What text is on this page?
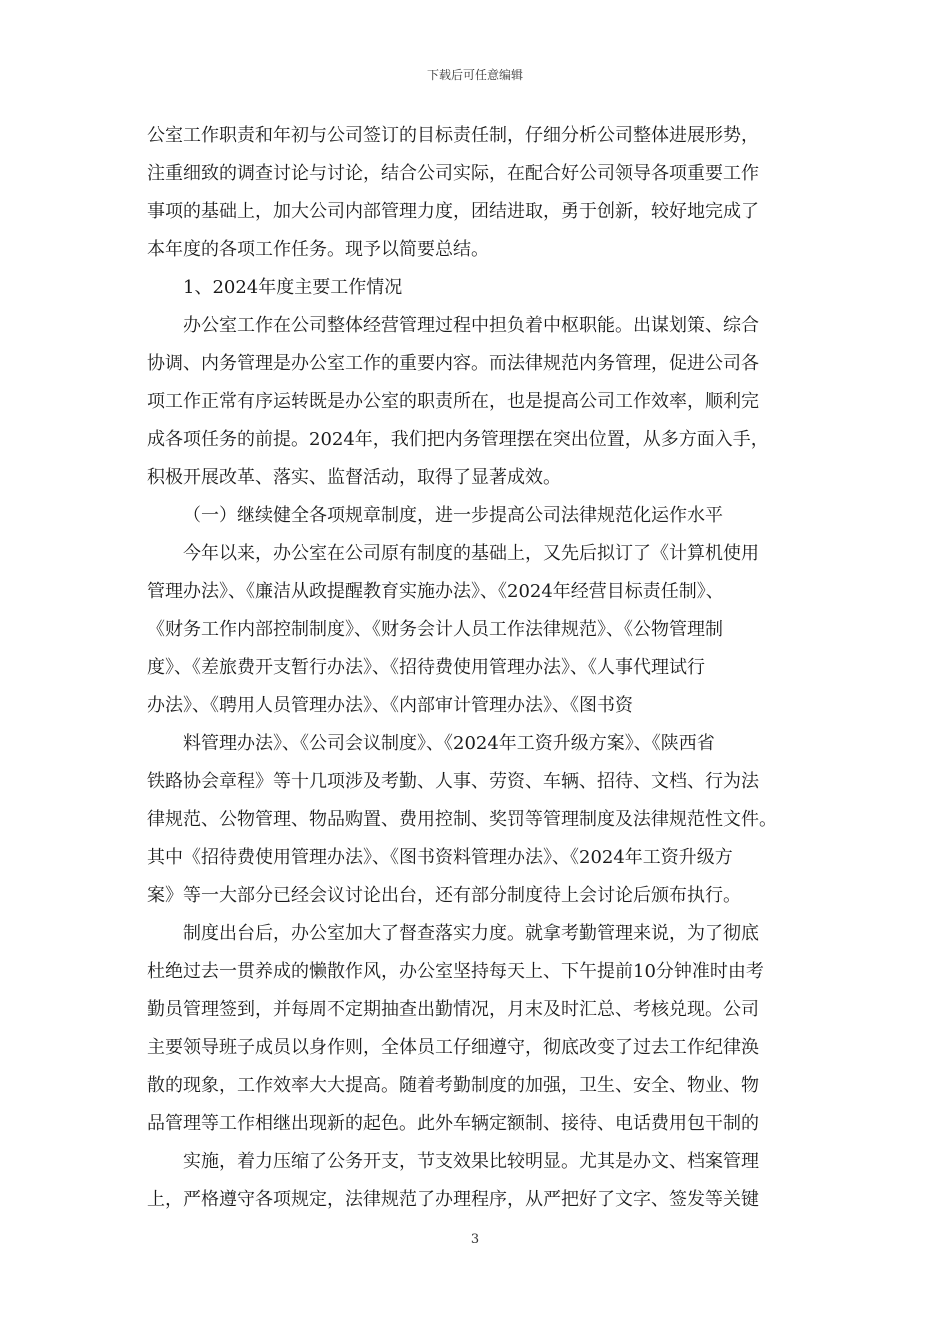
下载后可任意编辑
公室工作职责和年初与公司签订的目标责任制，仔细分析公司整体进展形势，
注重细致的调查讨论与讨论，结合公司实际，在配合好公司领导各项重要工作
事项的基础上，加大公司内部管理力度，团结进取，勇于创新，较好地完成了
本年度的各项工作任务。现予以简要总结。
1、2024年度主要工作情况
办公室工作在公司整体经营管理过程中担负着中枢职能。出谋划策、综合
协调、内务管理是办公室工作的重要内容。而法律规范内务管理，促进公司各
项工作正常有序运转既是办公室的职责所在，也是提高公司工作效率，顺利完
成各项任务的前提。2024年，我们把内务管理摆在突出位置，从多方面入手，
积极开展改革、落实、监督活动，取得了显著成效。
（一）继续健全各项规章制度，进一步提高公司法律规范化运作水平
今年以来，办公室在公司原有制度的基础上，又先后拟订了《计算机使用
管理办法》、《廉洁从政提醒教育实施办法》、《2024年经营目标责任制》、
《财务工作内部控制制度》、《财务会计人员工作法律规范》、《公物管理制
度》、《差旅费开支暂行办法》、《招待费使用管理办法》、《人事代理试行
办法》、《聘用人员管理办法》、《内部审计管理办法》、《图书资
料管理办法》、《公司会议制度》、《2024年工资升级方案》、《陕西省
铁路协会章程》等十几项涉及考勤、人事、劳资、车辆、招待、文档、行为法
律规范、公物管理、物品购置、费用控制、奖罚等管理制度及法律规范性文件。
其中《招待费使用管理办法》、《图书资料管理办法》、《2024年工资升级方
案》等一大部分已经会议讨论出台，还有部分制度待上会讨论后颁布执行。
制度出台后，办公室加大了督查落实力度。就拿考勤管理来说，为了彻底
杜绝过去一贯养成的懒散作风，办公室坚持每天上、下午提前10分钟准时由考
勤员管理签到，并每周不定期抽查出勤情况，月末及时汇总、考核兑现。公司
主要领导班子成员以身作则，全体员工仔细遵守，彻底改变了过去工作纪律涣
散的现象，工作效率大大提高。随着考勤制度的加强，卫生、安全、物业、物
品管理等工作相继出现新的起色。此外车辆定额制、接待、电话费用包干制的
实施，着力压缩了公务开支，节支效果比较明显。尤其是办文、档案管理
上，严格遵守各项规定，法律规范了办理程序，从严把好了文字、签发等关键
3
